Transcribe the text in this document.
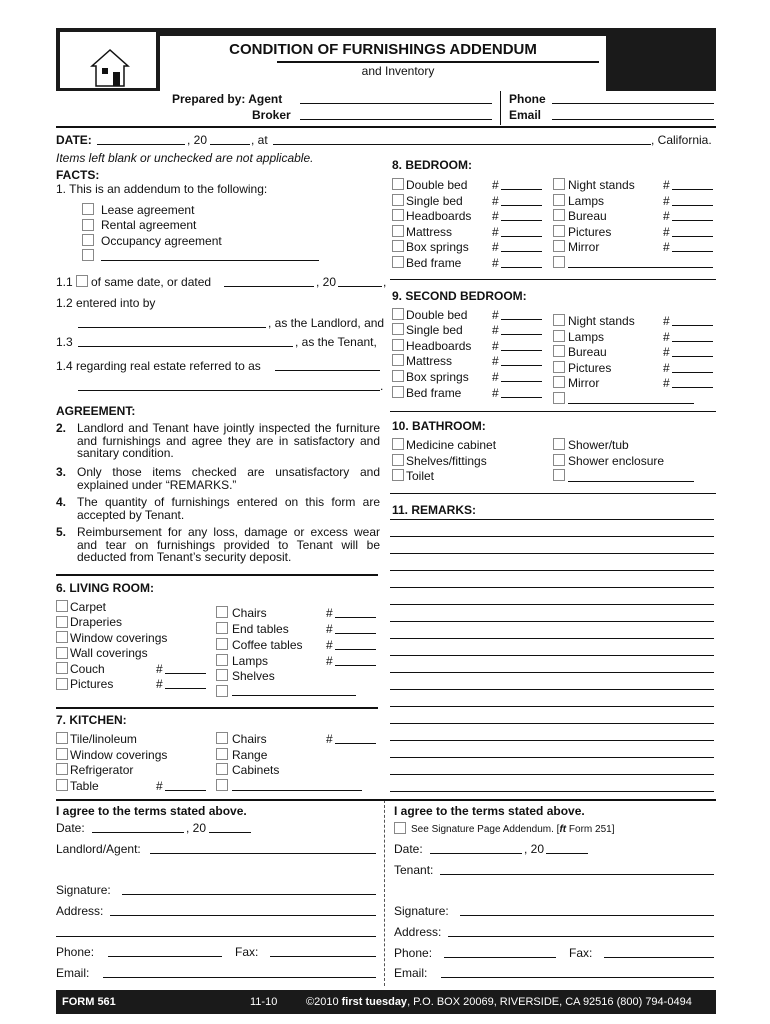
CONDITION OF FURNISHINGS ADDENDUM
and Inventory
Prepared by: Agent
Broker
Phone
Email
DATE:	, 20	, at	, California.
Items left blank or unchecked are not applicable.
FACTS:
1. This is an addendum to the following:
Lease agreement
Rental agreement
Occupancy agreement
1.1 of same date, or dated	, 20	,
1.2 entered into by
, as the Landlord, and
1.3	, as the Tenant,
1.4 regarding real estate referred to as
.
AGREEMENT:
2. Landlord and Tenant have jointly inspected the furniture and furnishings and agree they are in satisfactory and sanitary condition.
3. Only those items checked are unsatisfactory and explained under “REMARKS.”
4. The quantity of furnishings entered on this form are accepted by Tenant.
5. Reimbursement for any loss, damage or excess wear and tear on furnishings provided to Tenant will be deducted from Tenant’s security deposit.
6. LIVING ROOM:
Carpet
Draperies
Window coverings
Wall coverings
Couch	#
Pictures	#
Chairs	#
End tables	#
Coffee tables #
Lamps	#
Shelves
7. KITCHEN:
Tile/linoleum
Window coverings
Refrigerator
Table	#
Chairs	#
Range
Cabinets
8. BEDROOM:
Double bed #
Single bed #
Headboards #
Mattress	#
Box springs #
Bed frame	#
Night stands #
Lamps	#
Bureau	#
Pictures	#
Mirror	#
9. SECOND BEDROOM:
Double bed #
Single bed #
Headboards #
Mattress	#
Box springs #
Bed frame	#
Night stands #
Lamps	#
Bureau	#
Pictures	#
Mirror	#
10. BATHROOM:
Medicine cabinet
Shelves/fittings
Toilet
Shower/tub
Shower enclosure
11. REMARKS:
I agree to the terms stated above.
Date:	, 20
Landlord/Agent:
Signature:
Address:
Phone:	Fax:
Email:
I agree to the terms stated above.
See Signature Page Addendum. [ft Form 251]
Date:	, 20
Tenant:
Signature:
Address:
Phone:	Fax:
Email:
FORM 561	11-10	©2010 first tuesday, P.O. BOX 20069, RIVERSIDE, CA 92516 (800) 794-0494
